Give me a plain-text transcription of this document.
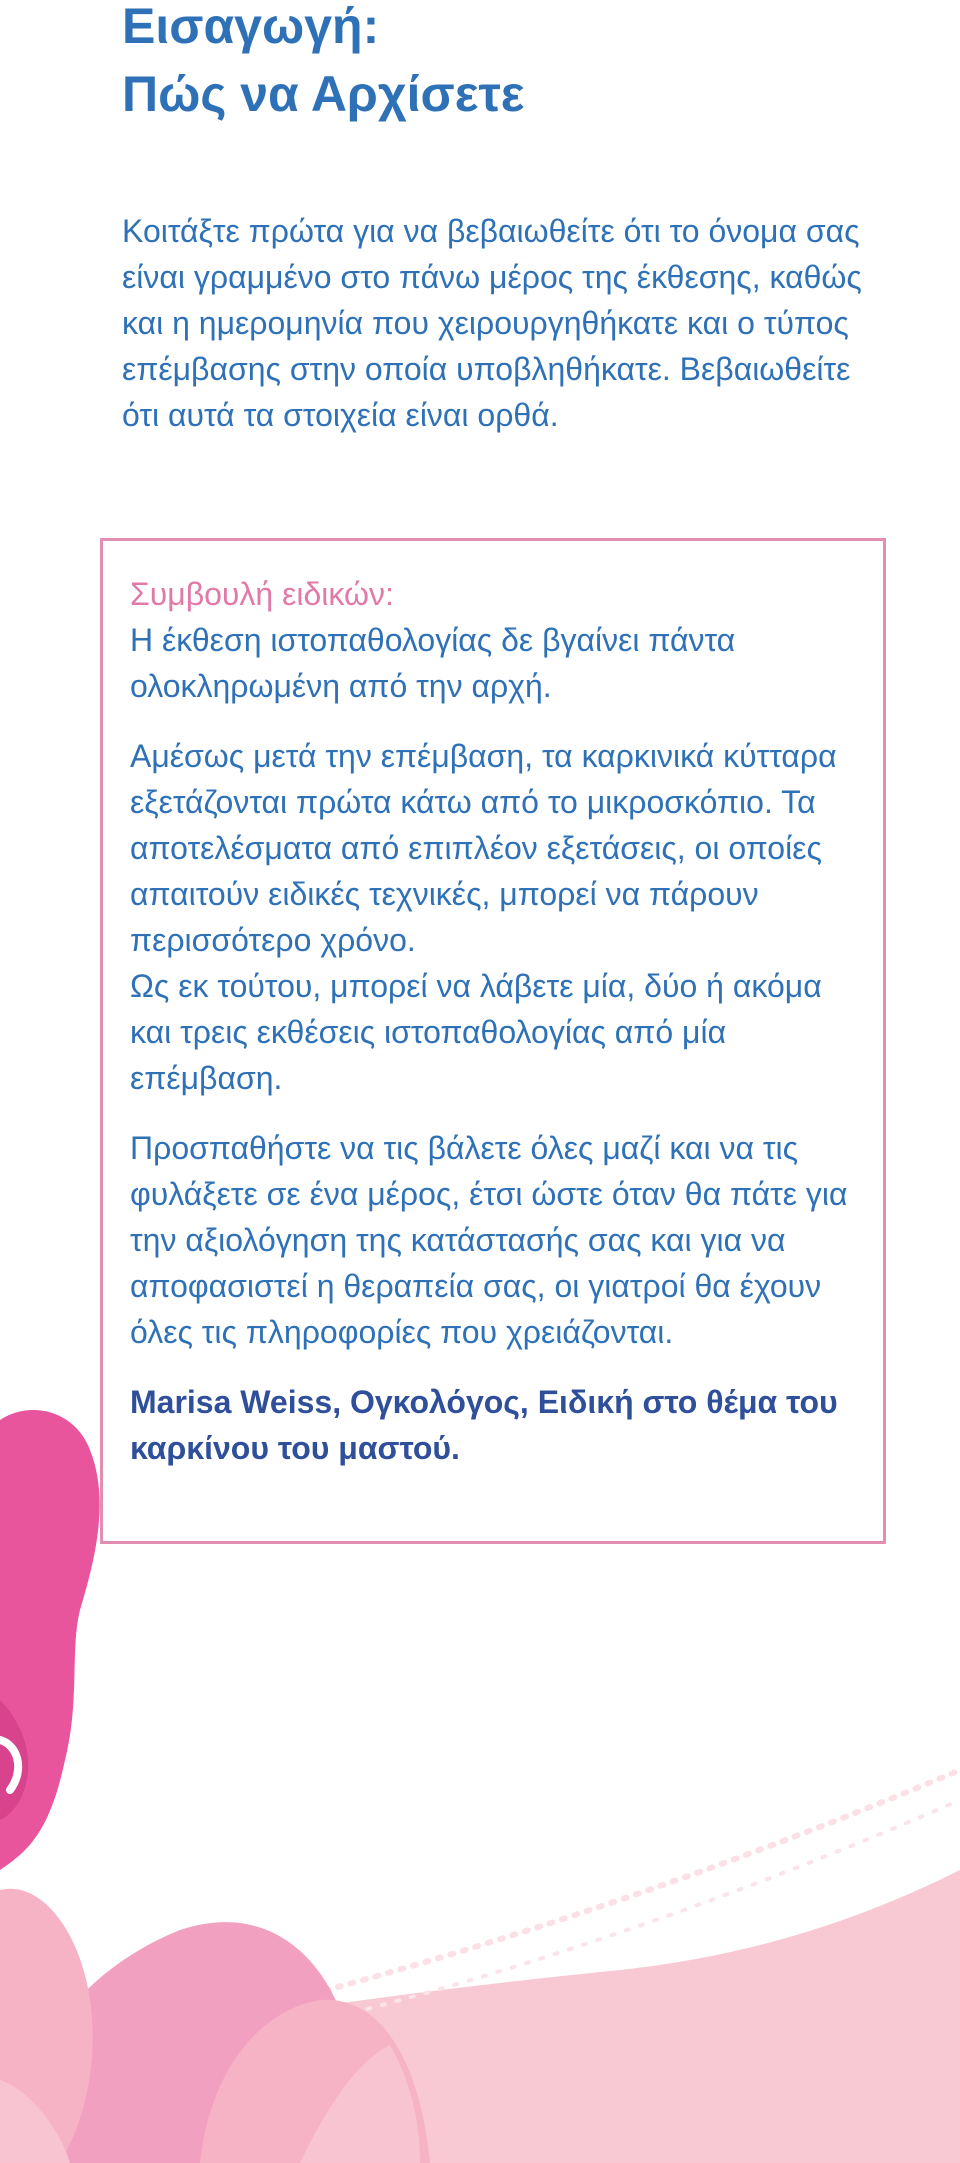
Εισαγωγή:
Πώς να Αρχίσετε

Κοιτάξτε πρώτα για να βεβαιωθείτε ότι το όνομα σας είναι γραμμένο στο πάνω μέρος της έκθεσης, καθώς και η ημερομηνία που χειρουργηθήκατε και ο τύπος επέμβασης στην οποία υποβληθήκατε. Βεβαιωθείτε ότι αυτά τα στοιχεία είναι ορθά.

Συμβουλή ειδικών:
Η έκθεση ιστοπαθολογίας δε βγαίνει πάντα ολοκληρωμένη από την αρχή.

Αμέσως μετά την επέμβαση, τα καρκινικά κύτταρα εξετάζονται πρώτα κάτω από το μικροσκόπιο. Τα αποτελέσματα από επιπλέον εξετάσεις, οι οποίες απαιτούν ειδικές τεχνικές, μπορεί να πάρουν περισσότερο χρόνο.

Ως εκ τούτου, μπορεί να λάβετε μία, δύο ή ακόμα και τρεις εκθέσεις ιστοπαθολογίας από μία επέμβαση.

Προσπαθήστε να τις βάλετε όλες μαζί και να τις φυλάξετε σε ένα μέρος, έτσι ώστε όταν θα πάτε για την αξιολόγηση της κατάστασής σας και για να αποφασιστεί η θεραπεία σας, οι γιατροί θα έχουν όλες τις πληροφορίες που χρειάζονται.

Marisa Weiss, Ογκολόγος, Ειδική στο θέμα του καρκίνου του μαστού.
